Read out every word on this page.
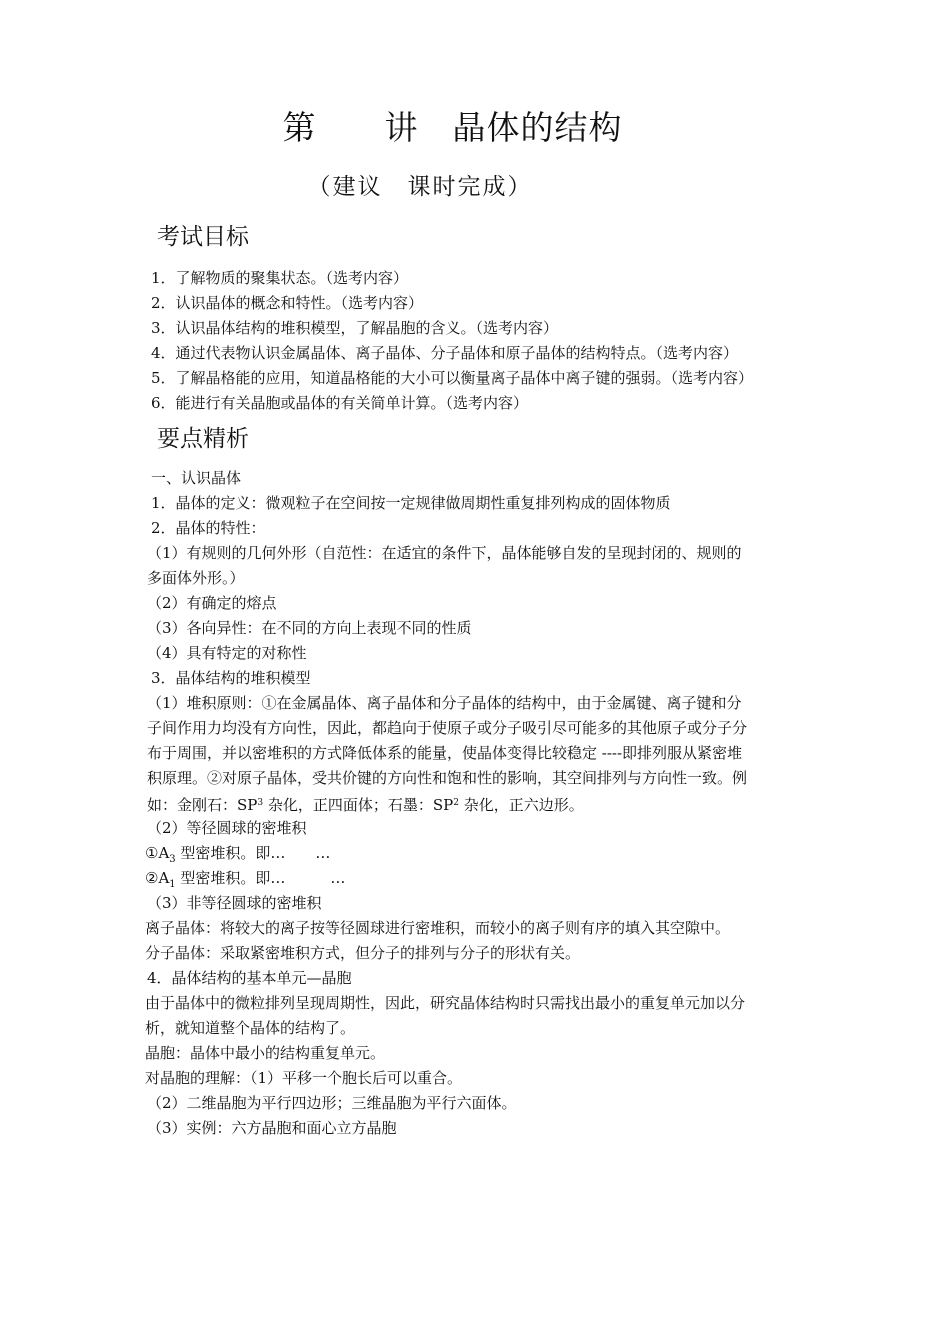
第　　讲　晶体的结构
（建议　课时完成）
考试目标
1．了解物质的聚集状态。（选考内容）
2．认识晶体的概念和特性。（选考内容）
3．认识晶体结构的堆积模型，了解晶胞的含义。（选考内容）
4．通过代表物认识金属晶体、离子晶体、分子晶体和原子晶体的结构特点。（选考内容）
5．了解晶格能的应用，知道晶格能的大小可以衡量离子晶体中离子键的强弱。（选考内容）
6．能进行有关晶胞或晶体的有关简单计算。（选考内容）
要点精析
一、认识晶体
1．晶体的定义：微观粒子在空间按一定规律做周期性重复排列构成的固体物质
2．晶体的特性：
（1）有规则的几何外形（自范性：在适宜的条件下，晶体能够自发的呈现封闭的、规则的
多面体外形。）
（2）有确定的熔点
（3）各向异性：在不同的方向上表现不同的性质
（4）具有特定的对称性
3．晶体结构的堆积模型
（1）堆积原则：①在金属晶体、离子晶体和分子晶体的结构中，由于金属键、离子键和分
子间作用力均没有方向性，因此，都趋向于使原子或分子吸引尽可能多的其他原子或分子分
布于周围，并以密堆积的方式降低体系的能量，使晶体变得比较稳定 ----即排列服从紧密堆
积原理。②对原子晶体，受共价键的方向性和饱和性的影响，其空间排列与方向性一致。例
如：金刚石：$SP^3$ 杂化，正四面体；石墨：$SP^2$ 杂化，正六边形。
（2）等径圆球的密堆积
$①A_3$ 型密堆积。即…　　…
$②A_1$ 型密堆积。即…　　　…
（3）非等径圆球的密堆积
离子晶体：将较大的离子按等径圆球进行密堆积，而较小的离子则有序的填入其空隙中。
分子晶体：采取紧密堆积方式，但分子的排列与分子的形状有关。
4．晶体结构的基本单元—晶胞
由于晶体中的微粒排列呈现周期性，因此，研究晶体结构时只需找出最小的重复单元加以分
析，就知道整个晶体的结构了。
晶胞：晶体中最小的结构重复单元。
对晶胞的理解：（1）平移一个胞长后可以重合。
（2）二维晶胞为平行四边形；三维晶胞为平行六面体。
（3）实例：六方晶胞和面心立方晶胞
